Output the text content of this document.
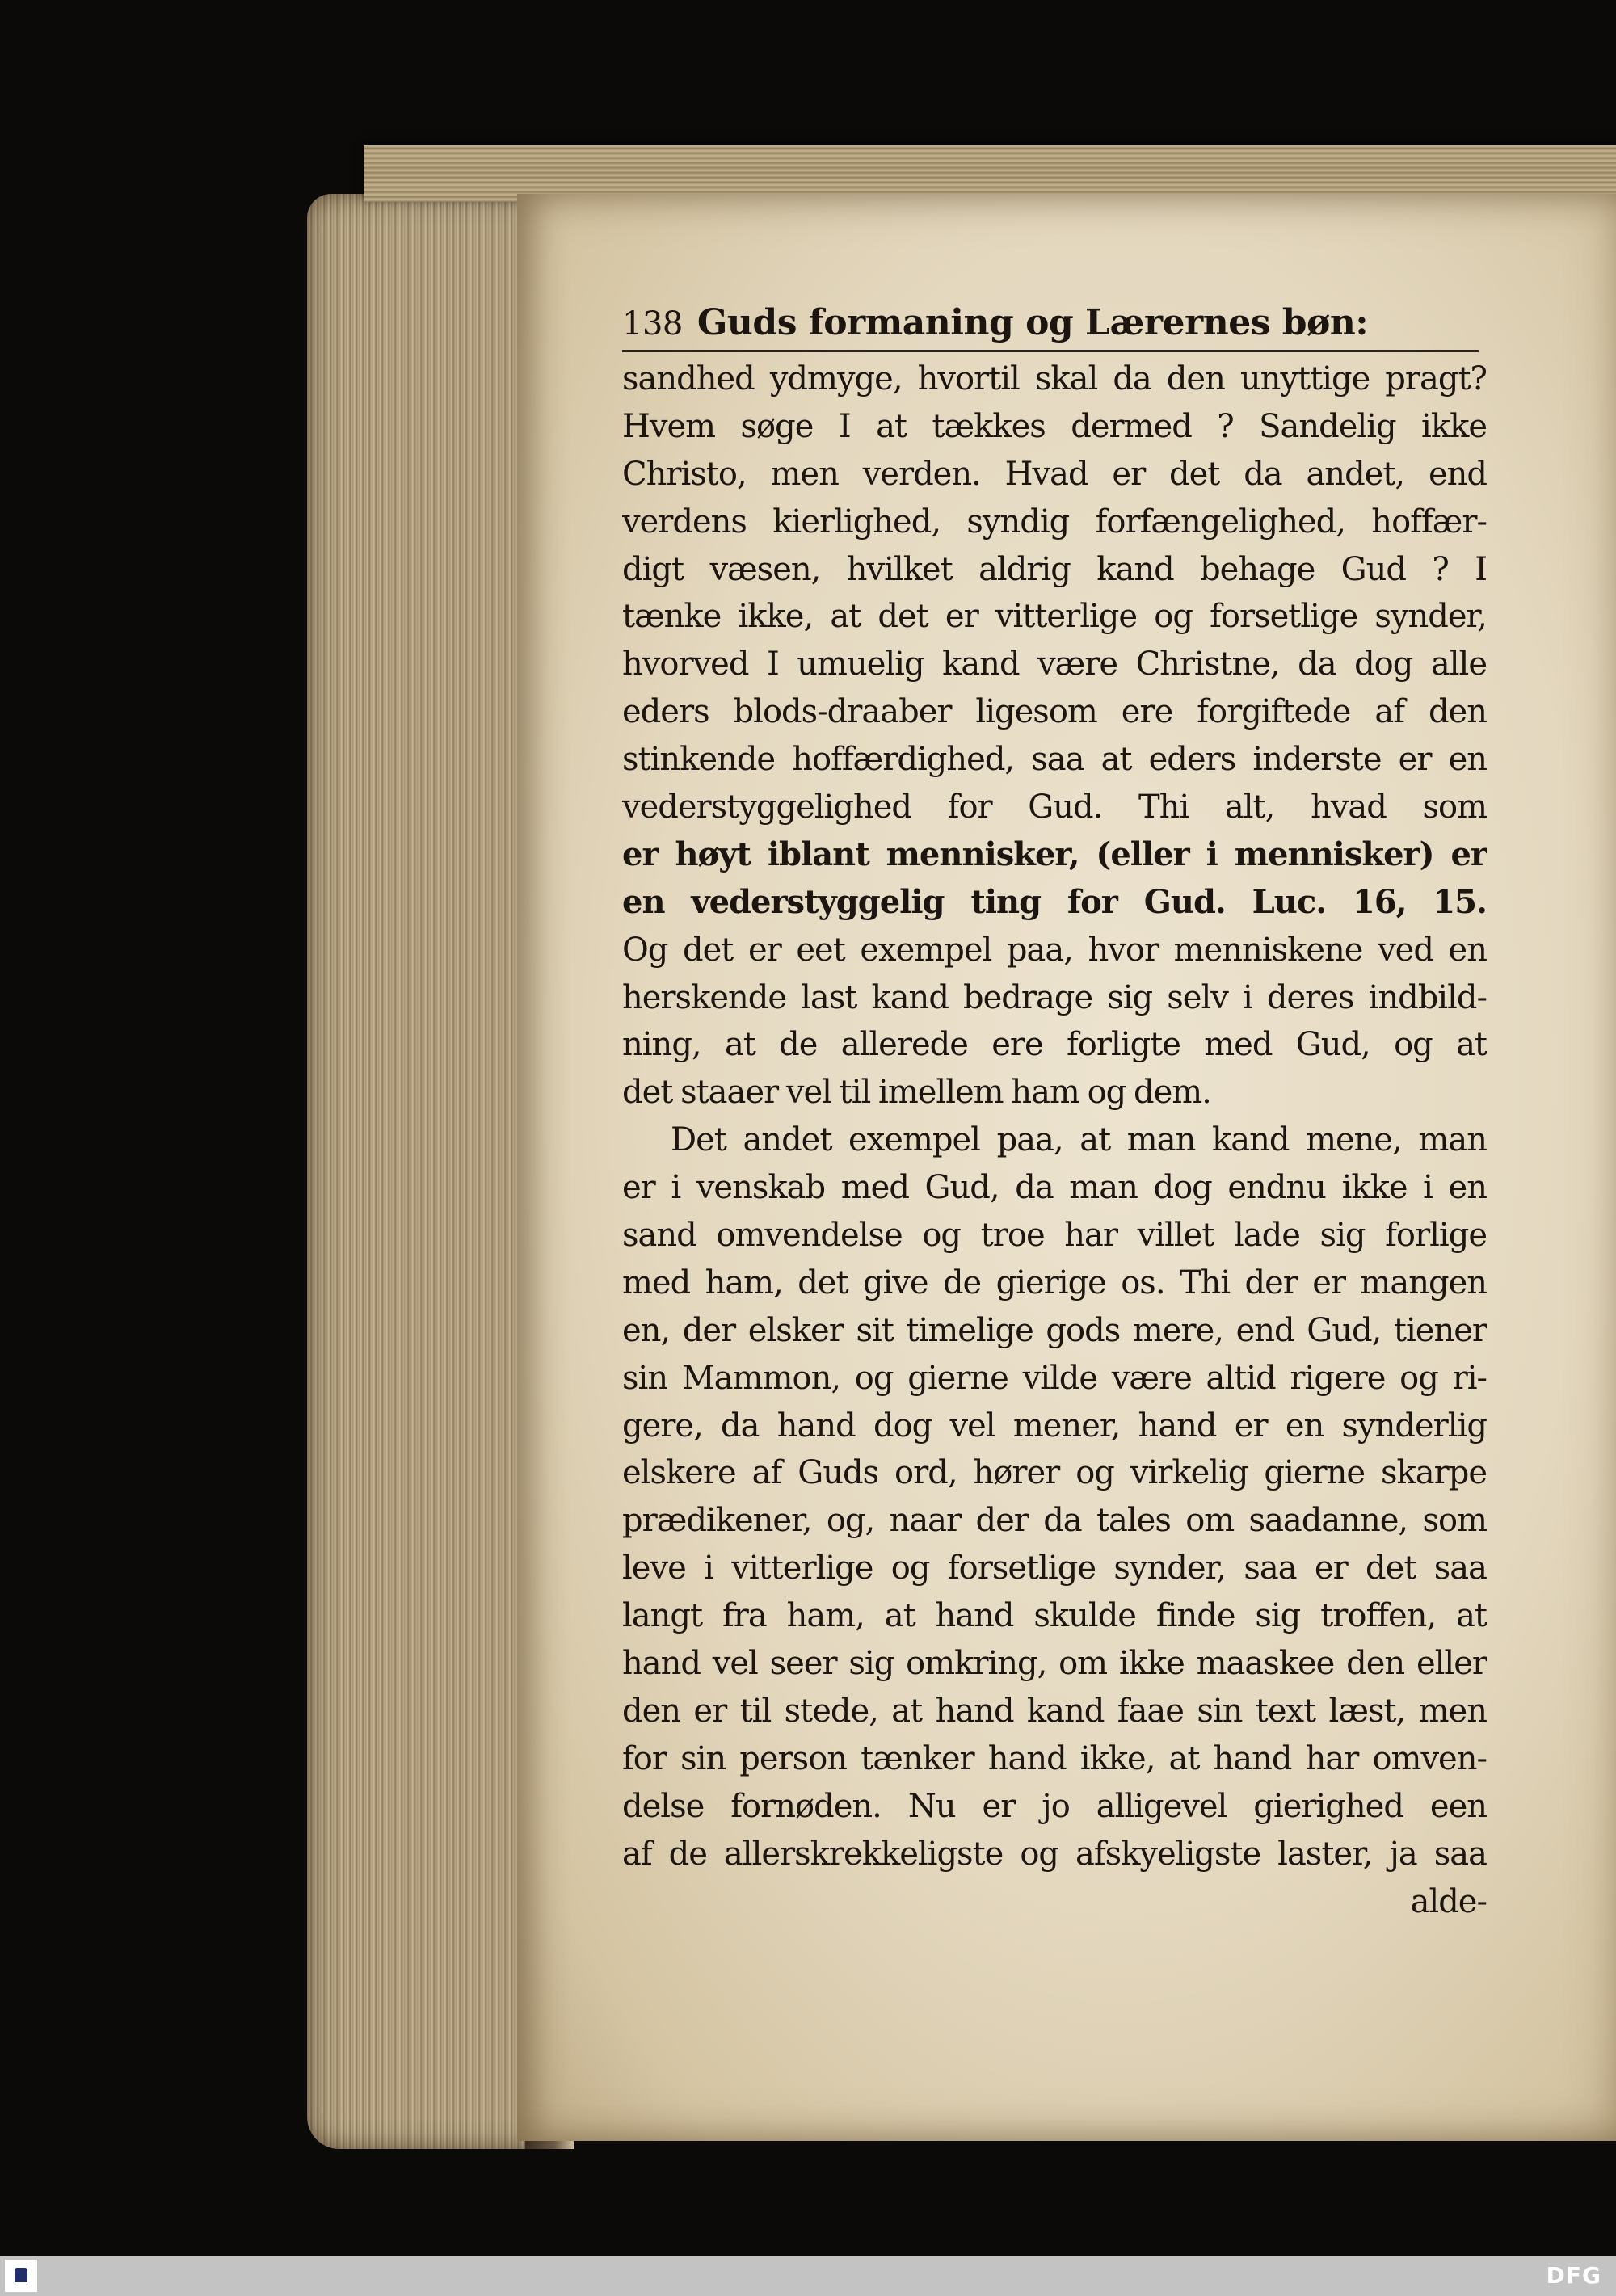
138 Guds formaning og Lærernes bøn:
sandhed ydmyge, hvortil skal da den unyttige pragt?
Hvem søge I at tækkes dermed ? Sandelig ikke
Christo, men verden. Hvad er det da andet, end
verdens kierlighed, syndig forfængelighed, hoffær-
digt væsen, hvilket aldrig kand behage Gud ? I
tænke ikke, at det er vitterlige og forsetlige synder,
hvorved I umuelig kand være Christne, da dog alle
eders blods-draaber ligesom ere forgiftede af den
stinkende hoffærdighed, saa at eders inderste er en
vederstyggelighed for Gud. Thi alt, hvad som
er høyt iblant mennisker, (eller i mennisker) er
en vederstyggelig ting for Gud. Luc. 16, 15.
Og det er eet exempel paa, hvor menniskene ved en
herskende last kand bedrage sig selv i deres indbild-
ning, at de allerede ere forligte med Gud, og at
det staaer vel til imellem ham og dem.
Det andet exempel paa, at man kand mene, man
er i venskab med Gud, da man dog endnu ikke i en
sand omvendelse og troe har villet lade sig forlige
med ham, det give de gierige os. Thi der er mangen
en, der elsker sit timelige gods mere, end Gud, tiener
sin Mammon, og gierne vilde være altid rigere og ri-
gere, da hand dog vel mener, hand er en synderlig
elskere af Guds ord, hører og virkelig gierne skarpe
prædikener, og, naar der da tales om saadanne, som
leve i vitterlige og forsetlige synder, saa er det saa
langt fra ham, at hand skulde finde sig troffen, at
hand vel seer sig omkring, om ikke maaskee den eller
den er til stede, at hand kand faae sin text læst, men
for sin person tænker hand ikke, at hand har omven-
delse fornøden. Nu er jo alligevel gierighed een
af de allerskrekkeligste og afskyeligste laster, ja saa
alde-
DFG
